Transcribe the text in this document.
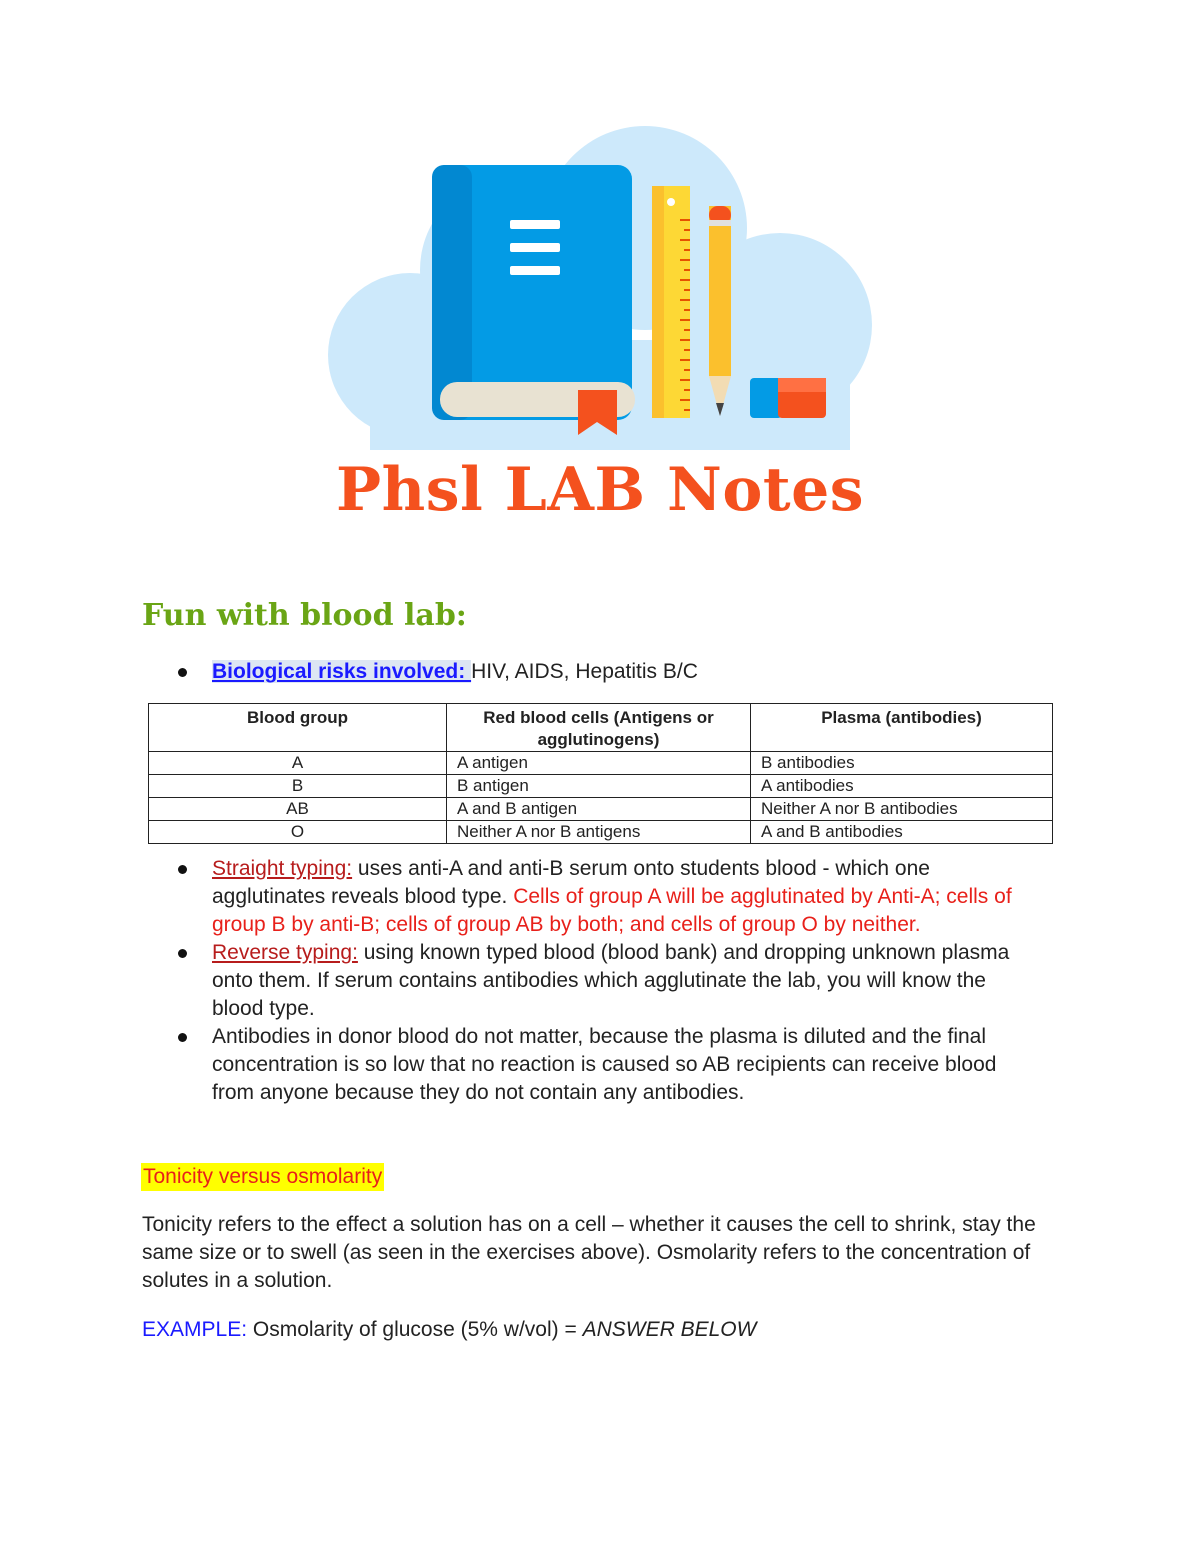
Phsl LAB Notes
Fun with blood lab:
Biological risks involved: HIV, AIDS, Hepatitis B/C
Blood group	Red blood cells (Antigens or agglutinogens)	Plasma (antibodies)
A	A antigen	B antibodies
B	B antigen	A antibodies
AB	A and B antigen	Neither A nor B antibodies
O	Neither A nor B antigens	A and B antibodies
Straight typing: uses anti-A and anti-B serum onto students blood - which one agglutinates reveals blood type. Cells of group A will be agglutinated by Anti-A; cells of group B by anti-B; cells of group AB by both; and cells of group O by neither.
Reverse typing: using known typed blood (blood bank) and dropping unknown plasma onto them. If serum contains antibodies which agglutinate the lab, you will know the blood type.
Antibodies in donor blood do not matter, because the plasma is diluted and the final concentration is so low that no reaction is caused so AB recipients can receive blood from anyone because they do not contain any antibodies.
Tonicity versus osmolarity
Tonicity refers to the effect a solution has on a cell – whether it causes the cell to shrink, stay the same size or to swell (as seen in the exercises above). Osmolarity refers to the concentration of solutes in a solution.
EXAMPLE: Osmolarity of glucose (5% w/vol) = ANSWER BELOW
